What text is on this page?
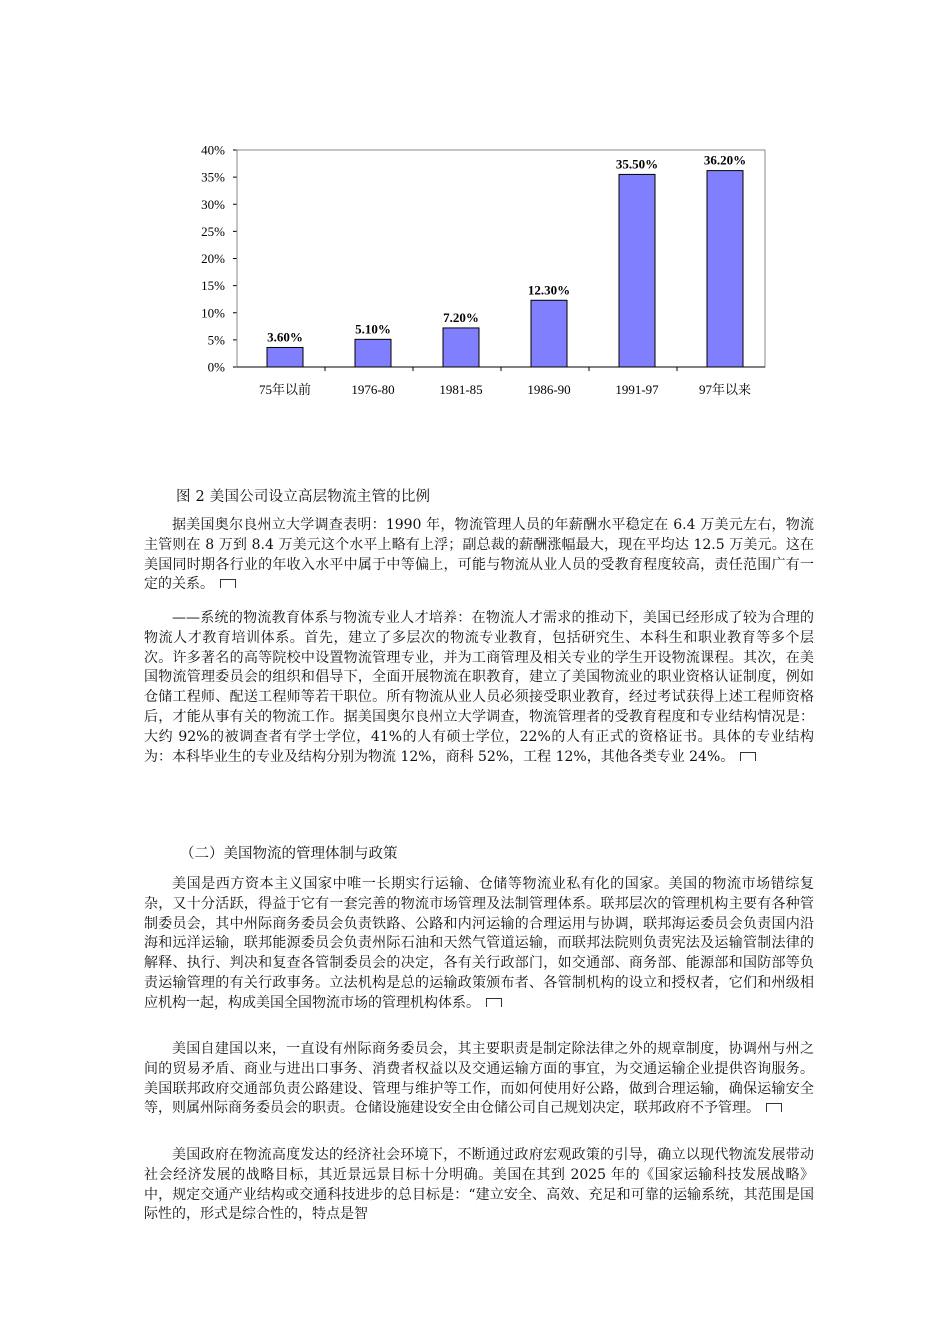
0%
5%
10%
15%
20%
25%
30%
35%
40%
3.60%
5.10%
7.20%
12.30%
35.50%	36.20%
75年以前	1976-80	1981-85	1986-90	1991-97	97年以来
图 2 美国公司设立高层物流主管的比例

据美国奥尔良州立大学调查表明：1990 年，物流管理人员的年薪酬水平稳定在 6.4 万美元左右，物流主管则在 8 万到 8.4 万美元这个水平上略有上浮；副总裁的薪酬涨幅最大，现在平均达 12.5 万美元。这在美国同时期各行业的年收入水平中属于中等偏上，可能与物流从业人员的受教育程度较高，责任范围广有一定的关系。

——系统的物流教育体系与物流专业人才培养：在物流人才需求的推动下，美国已经形成了较为合理的物流人才教育培训体系。首先，建立了多层次的物流专业教育，包括研究生、本科生和职业教育等多个层次。许多著名的高等院校中设置物流管理专业，并为工商管理及相关专业的学生开设物流课程。其次，在美国物流管理委员会的组织和倡导下，全面开展物流在职教育，建立了美国物流业的职业资格认证制度，例如仓储工程师、配送工程师等若干职位。所有物流从业人员必须接受职业教育，经过考试获得上述工程师资格后，才能从事有关的物流工作。据美国奥尔良州立大学调查，物流管理者的受教育程度和专业结构情况是：大约 92%的被调查者有学士学位，41%的人有硕士学位，22%的人有正式的资格证书。具体的专业结构为：本科毕业生的专业及结构分别为物流 12%，商科 52%，工程 12%，其他各类专业 24%。

（二）美国物流的管理体制与政策

美国是西方资本主义国家中唯一长期实行运输、仓储等物流业私有化的国家。美国的物流市场错综复杂，又十分活跃，得益于它有一套完善的物流市场管理及法制管理体系。联邦层次的管理机构主要有各种管制委员会，其中州际商务委员会负责铁路、公路和内河运输的合理运用与协调，联邦海运委员会负责国内沿海和远洋运输，联邦能源委员会负责州际石油和天然气管道运输，而联邦法院则负责宪法及运输管制法律的解释、执行、判决和复查各管制委员会的决定，各有关行政部门，如交通部、商务部、能源部和国防部等负责运输管理的有关行政事务。立法机构是总的运输政策颁布者、各管制机构的设立和授权者，它们和州级相应机构一起，构成美国全国物流市场的管理机构体系。

美国自建国以来，一直设有州际商务委员会，其主要职责是制定除法律之外的规章制度，协调州与州之间的贸易矛盾、商业与进出口事务、消费者权益以及交通运输方面的事宜，为交通运输企业提供咨询服务。美国联邦政府交通部负责公路建设、管理与维护等工作，而如何使用好公路，做到合理运输，确保运输安全等，则属州际商务委员会的职责。仓储设施建设安全由仓储公司自己规划决定，联邦政府不予管理。

美国政府在物流高度发达的经济社会环境下，不断通过政府宏观政策的引导，确立以现代物流发展带动社会经济发展的战略目标，其近景远景目标十分明确。美国在其到 2025 年的《国家运输科技发展战略》中，规定交通产业结构或交通科技进步的总目标是：“建立安全、高效、充足和可靠的运输系统，其范围是国际性的，形式是综合性的，特点是智
